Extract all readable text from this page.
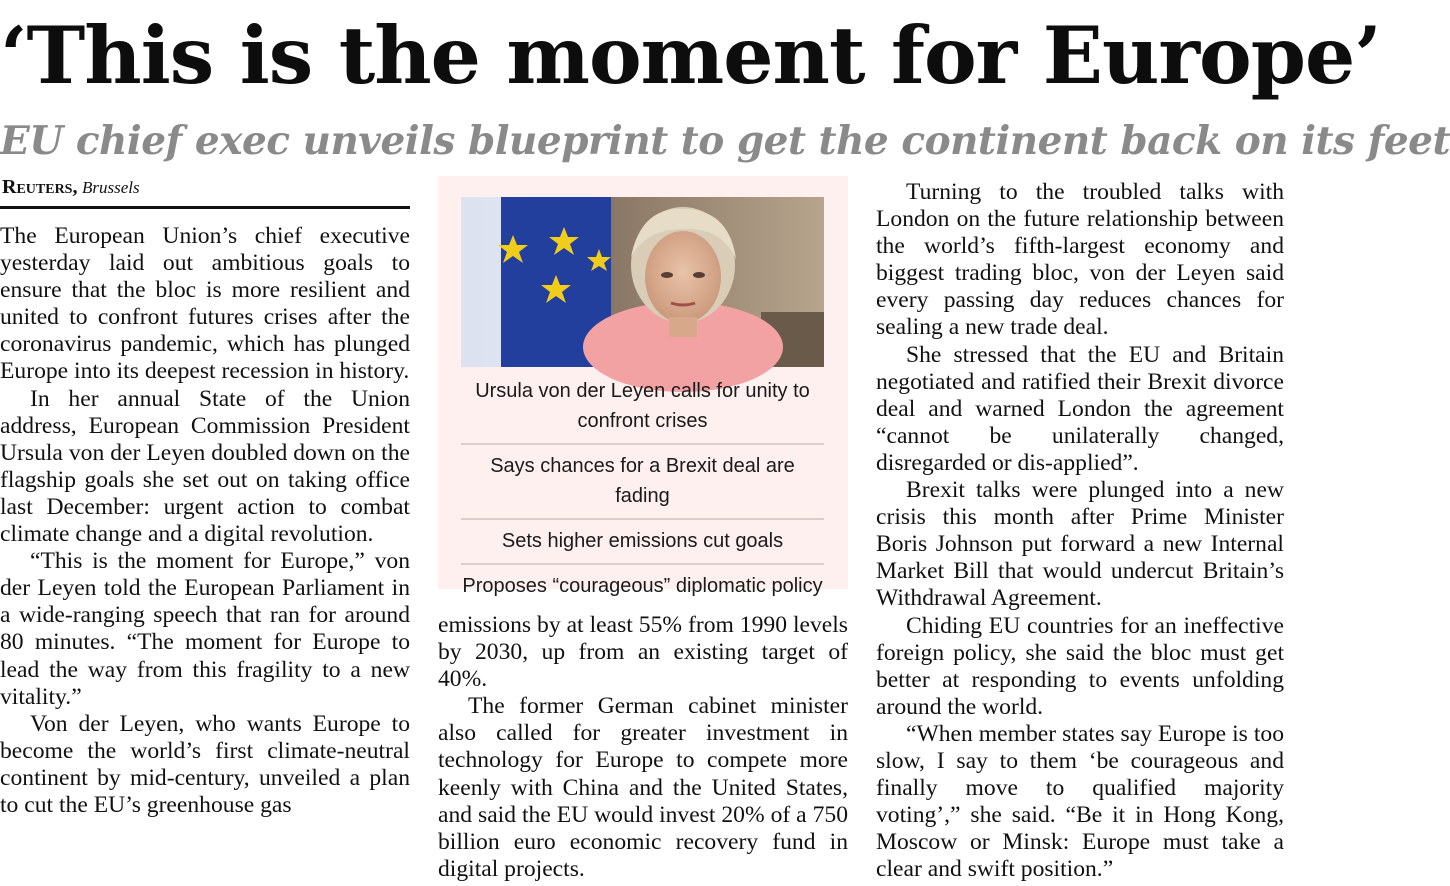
‘This is the moment for Europe’
EU chief exec unveils blueprint to get the continent back on its feet
Reuters, Brussels

The European Union’s chief executive yesterday laid out ambitious goals to ensure that the bloc is more resilient and united to confront futures crises after the coronavirus pandemic, which has plunged Europe into its deepest recession in history.

In her annual State of the Union address, European Commission President Ursula von der Leyen doubled down on the flagship goals she set out on taking office last December: urgent action to combat climate change and a digital revolution.

“This is the moment for Europe,” von der Leyen told the European Parliament in a wide-ranging speech that ran for around 80 minutes. “The moment for Europe to lead the way from this fragility to a new vitality.”

Von der Leyen, who wants Europe to become the world’s first climate-neutral continent by mid-century, unveiled a plan to cut the EU’s greenhouse gas

Ursula von der Leyen calls for unity to confront crises
Says chances for a Brexit deal are fading
Sets higher emissions cut goals
Proposes “courageous” diplomatic policy

emissions by at least 55% from 1990 levels by 2030, up from an existing target of 40%.

The former German cabinet minister also called for greater investment in technology for Europe to compete more keenly with China and the United States, and said the EU would invest 20% of a 750 billion euro economic recovery fund in digital projects.

Turning to the troubled talks with London on the future relationship between the world’s fifth-largest economy and biggest trading bloc, von der Leyen said every passing day reduces chances for sealing a new trade deal.

She stressed that the EU and Britain negotiated and ratified their Brexit divorce deal and warned London the agreement “cannot be unilaterally changed, disregarded or dis-applied”.

Brexit talks were plunged into a new crisis this month after Prime Minister Boris Johnson put forward a new Internal Market Bill that would undercut Britain’s Withdrawal Agreement.

Chiding EU countries for an ineffective foreign policy, she said the bloc must get better at responding to events unfolding around the world.

“When member states say Europe is too slow, I say to them ‘be courageous and finally move to qualified majority voting’,” she said. “Be it in Hong Kong, Moscow or Minsk: Europe must take a clear and swift position.”
